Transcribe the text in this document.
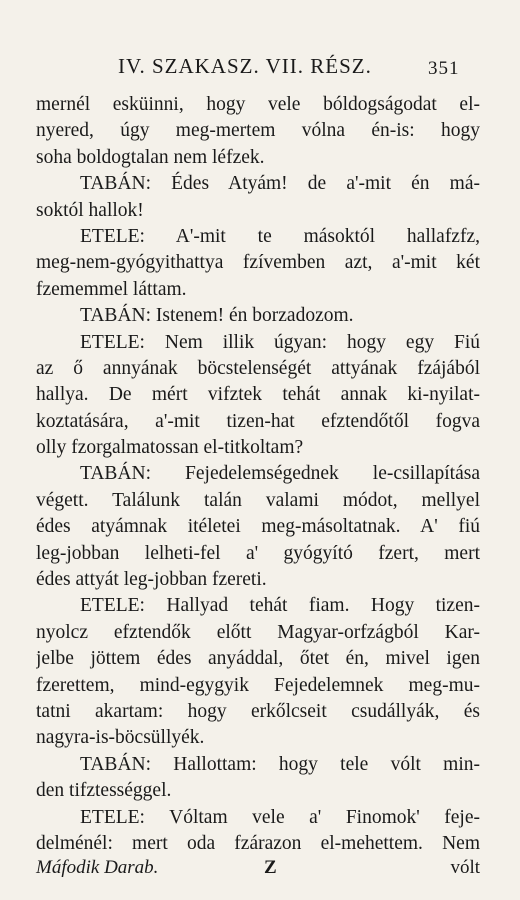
IV. SZAKASZ. VII. RÉSZ.	351
mernél esküinni, hogy vele bóldogságodat el-
nyered, úgy meg-mertem vólna én-is: hogy
soha boldogtalan nem léfzek.
TABÁN: Édes Atyám! de a'-mit én má-
soktól hallok!
ETELE: A'-mit te másoktól hallafzfz,
meg-nem-gyógyithattya fzívemben azt, a'-mit két
fzememmel láttam.
TABÁN: Istenem! én borzadozom.
ETELE: Nem illik úgyan: hogy egy Fiú
az ő annyának böcstelenségét attyának fzájából
hallya. De mért vifztek tehát annak ki-nyilat-
koztatására, a'-mit tizen-hat efztendőtől fogva
olly fzorgalmatossan el-titkoltam?
TABÁN: Fejedelemségednek le-csillapítása
végett. Találunk talán valami módot, mellyel
édes atyámnak itéletei meg-másoltatnak. A' fiú
leg-jobban lelheti-fel a' gyógyító fzert, mert
édes attyát leg-jobban fzereti.
ETELE: Hallyad tehát fiam. Hogy tizen-
nyolcz efztendők előtt Magyar-orfzágból Kar-
jelbe jöttem édes anyáddal, őtet én, mivel igen
fzerettem, mind-egygyik Fejedelemnek meg-mu-
tatni akartam: hogy erkőlcseit csudállyák, és
nagyra-is-böcsüllyék.
TABÁN: Hallottam: hogy tele vólt min-
den tifztességgel.
ETELE: Vóltam vele a' Finomok' feje-
delménél: mert oda fzárazon el-mehettem. Nem
Máfodik Darab.	Z	vólt
